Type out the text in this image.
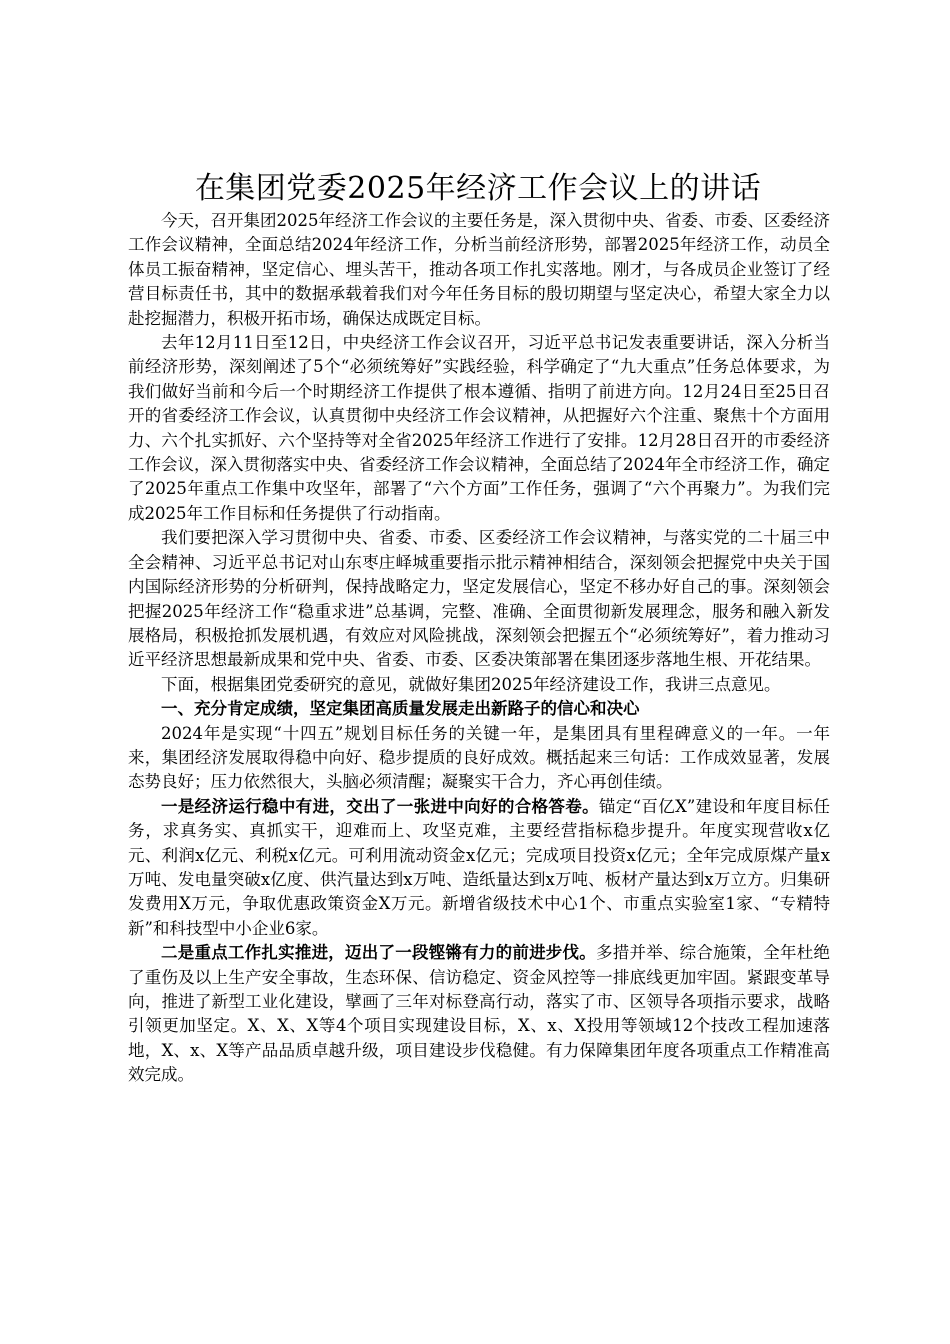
在集团党委2025年经济工作会议上的讲话

今天，召开集团2025年经济工作会议的主要任务是，深入贯彻中央、省委、市委、区委经济工作会议精神，全面总结2024年经济工作，分析当前经济形势，部署2025年经济工作，动员全体员工振奋精神，坚定信心、埋头苦干，推动各项工作扎实落地。刚才，与各成员企业签订了经营目标责任书，其中的数据承载着我们对今年任务目标的殷切期望与坚定决心，希望大家全力以赴挖掘潜力，积极开拓市场，确保达成既定目标。

去年12月11日至12日，中央经济工作会议召开，习近平总书记发表重要讲话，深入分析当前经济形势，深刻阐述了5个“必须统筹好”实践经验，科学确定了“九大重点”任务总体要求，为我们做好当前和今后一个时期经济工作提供了根本遵循、指明了前进方向。12月24日至25日召开的省委经济工作会议，认真贯彻中央经济工作会议精神，从把握好六个注重、聚焦十个方面用力、六个扎实抓好、六个坚持等对全省2025年经济工作进行了安排。12月28日召开的市委经济工作会议，深入贯彻落实中央、省委经济工作会议精神，全面总结了2024年全市经济工作，确定了2025年重点工作集中攻坚年，部署了“六个方面”工作任务，强调了“六个再聚力”。为我们完成2025年工作目标和任务提供了行动指南。

我们要把深入学习贯彻中央、省委、市委、区委经济工作会议精神，与落实党的二十届三中全会精神、习近平总书记对山东枣庄峄城重要指示批示精神相结合，深刻领会把握党中央关于国内国际经济形势的分析研判，保持战略定力，坚定发展信心，坚定不移办好自己的事。深刻领会把握2025年经济工作“稳重求进”总基调，完整、准确、全面贯彻新发展理念，服务和融入新发展格局，积极抢抓发展机遇，有效应对风险挑战，深刻领会把握五个“必须统筹好”，着力推动习近平经济思想最新成果和党中央、省委、市委、区委决策部署在集团逐步落地生根、开花结果。

下面，根据集团党委研究的意见，就做好集团2025年经济建设工作，我讲三点意见。

一、充分肯定成绩，坚定集团高质量发展走出新路子的信心和决心

2024年是实现“十四五”规划目标任务的关键一年，是集团具有里程碑意义的一年。一年来，集团经济发展取得稳中向好、稳步提质的良好成效。概括起来三句话：工作成效显著，发展态势良好；压力依然很大，头脑必须清醒；凝聚实干合力，齐心再创佳绩。

一是经济运行稳中有进，交出了一张进中向好的合格答卷。锚定“百亿X”建设和年度目标任务，求真务实、真抓实干，迎难而上、攻坚克难，主要经营指标稳步提升。年度实现营收x亿元、利润x亿元、利税x亿元。可利用流动资金x亿元；完成项目投资x亿元；全年完成原煤产量x万吨、发电量突破x亿度、供汽量达到x万吨、造纸量达到x万吨、板材产量达到x万立方。归集研发费用X万元，争取优惠政策资金X万元。新增省级技术中心1个、市重点实验室1家、“专精特新”和科技型中小企业6家。

二是重点工作扎实推进，迈出了一段铿锵有力的前进步伐。多措并举、综合施策，全年杜绝了重伤及以上生产安全事故，生态环保、信访稳定、资金风控等一排底线更加牢固。紧跟变革导向，推进了新型工业化建设，擘画了三年对标登高行动，落实了市、区领导各项指示要求，战略引领更加坚定。X、X、X等4个项目实现建设目标，X、x、X投用等领域12个技改工程加速落地，X、x、X等产品品质卓越升级，项目建设步伐稳健。有力保障集团年度各项重点工作精准高效完成。
